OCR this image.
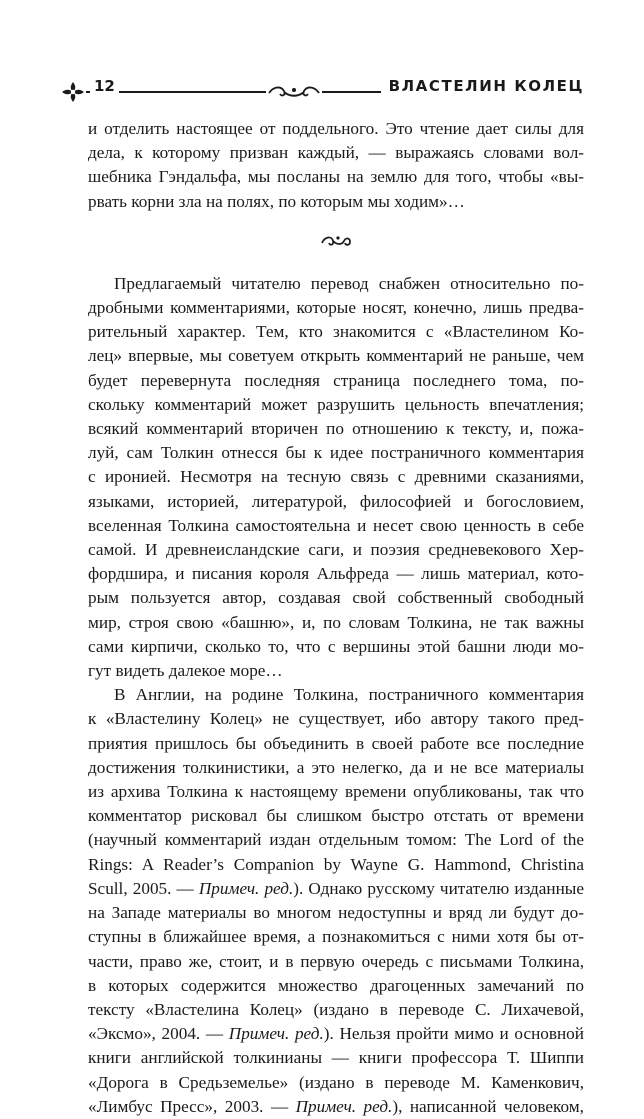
12	ВЛАСТЕЛИН КОЛЕЦ
и отделить настоящее от поддельного. Это чтение дает силы для
дела, к которому призван каждый, — выражаясь словами вол-
шебника Гэндальфа, мы посланы на землю для того, чтобы «вы-
рвать корни зла на полях, по которым мы ходим»…
Предлагаемый читателю перевод снабжен относительно по-
дробными комментариями, которые носят, конечно, лишь предва-
рительный характер. Тем, кто знакомится с «Властелином Ко-
лец» впервые, мы советуем открыть комментарий не раньше, чем
будет перевернута последняя страница последнего тома, по-
скольку комментарий может разрушить цельность впечатления;
всякий комментарий вторичен по отношению к тексту, и, пожа-
луй, сам Толкин отнесся бы к идее постраничного комментария
с иронией. Несмотря на тесную связь с древними сказаниями,
языками, историей, литературой, философией и богословием,
вселенная Толкина самостоятельна и несет свою ценность в себе
самой. И древнеисландские саги, и поэзия средневекового Хер-
фордшира, и писания короля Альфреда — лишь материал, кото-
рым пользуется автор, создавая свой собственный свободный
мир, строя свою «башню», и, по словам Толкина, не так важны
сами кирпичи, сколько то, что с вершины этой башни люди мо-
гут видеть далекое море…
В Англии, на родине Толкина, постраничного комментария
к «Властелину Колец» не существует, ибо автору такого пред-
приятия пришлось бы объединить в своей работе все последние
достижения толкинистики, а это нелегко, да и не все материалы
из архива Толкина к настоящему времени опубликованы, так что
комментатор рисковал бы слишком быстро отстать от времени
(научный комментарий издан отдельным томом: The Lord of the
Rings: A Reader’s Companion by Wayne G. Hammond, Christina
Scull, 2005. — Примеч. ред.). Однако русскому читателю изданные
на Западе материалы во многом недоступны и вряд ли будут до-
ступны в ближайшее время, а познакомиться с ними хотя бы от-
части, право же, стоит, и в первую очередь с письмами Толкина,
в которых содержится множество драгоценных замечаний по
тексту «Властелина Колец» (издано в переводе С. Лихачевой,
«Эксмо», 2004. — Примеч. ред.). Нельзя пройти мимо и основной
книги английской толкинианы — книги профессора Т. Шиппи
«Дорога в Средьземелье» (издано в переводе М. Каменкович,
«Лимбус Пресс», 2003. — Примеч. ред.), написанной человеком,
